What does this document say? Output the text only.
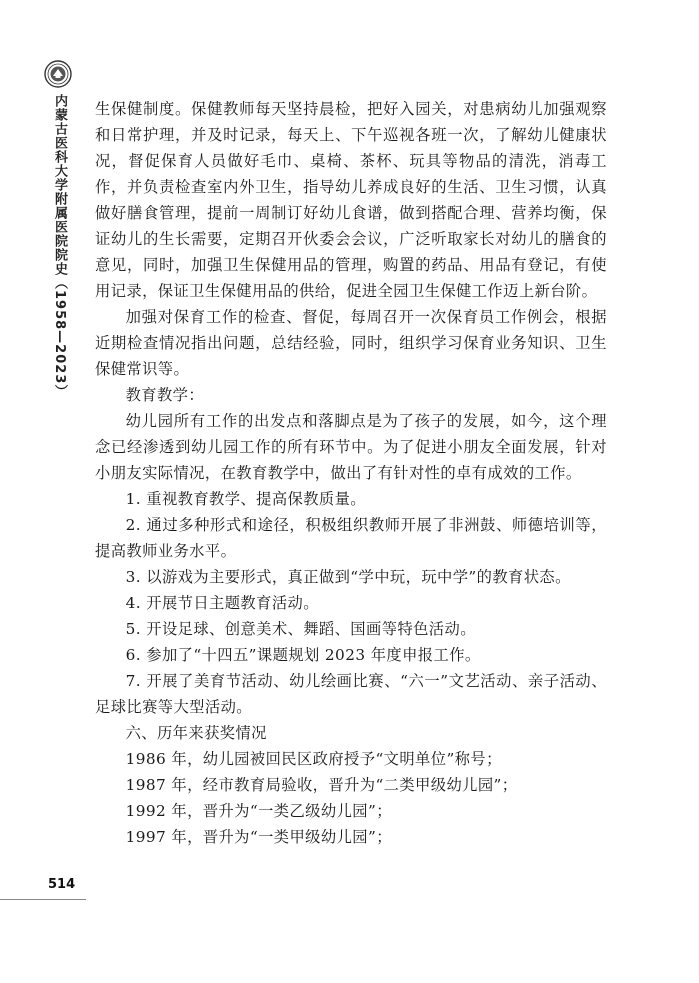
内蒙古医科大学附属医院院史（1958—2023）
514

生保健制度。保健教师每天坚持晨检，把好入园关，对患病幼儿加强观察和日常护理，并及时记录，每天上、下午巡视各班一次，了解幼儿健康状况，督促保育人员做好毛巾、桌椅、茶杯、玩具等物品的清洗，消毒工作，并负责检查室内外卫生，指导幼儿养成良好的生活、卫生习惯，认真做好膳食管理，提前一周制订好幼儿食谱，做到搭配合理、营养均衡，保证幼儿的生长需要，定期召开伙委会会议，广泛听取家长对幼儿的膳食的意见，同时，加强卫生保健用品的管理，购置的药品、用品有登记，有使用记录，保证卫生保健用品的供给，促进全园卫生保健工作迈上新台阶。

加强对保育工作的检查、督促，每周召开一次保育员工作例会，根据近期检查情况指出问题，总结经验，同时，组织学习保育业务知识、卫生保健常识等。

教育教学：

幼儿园所有工作的出发点和落脚点是为了孩子的发展，如今，这个理念已经渗透到幼儿园工作的所有环节中。为了促进小朋友全面发展，针对小朋友实际情况，在教育教学中，做出了有针对性的卓有成效的工作。

1. 重视教育教学、提高保教质量。

2. 通过多种形式和途径，积极组织教师开展了非洲鼓、师德培训等，提高教师业务水平。

3. 以游戏为主要形式，真正做到“学中玩，玩中学”的教育状态。

4. 开展节日主题教育活动。

5. 开设足球、创意美术、舞蹈、国画等特色活动。

6. 参加了“十四五”课题规划 2023 年度申报工作。

7. 开展了美育节活动、幼儿绘画比赛、“六一”文艺活动、亲子活动、足球比赛等大型活动。

六、历年来获奖情况

1986 年，幼儿园被回民区政府授予“文明单位”称号；

1987 年，经市教育局验收，晋升为“二类甲级幼儿园”；

1992 年，晋升为“一类乙级幼儿园”；

1997 年，晋升为“一类甲级幼儿园”；
